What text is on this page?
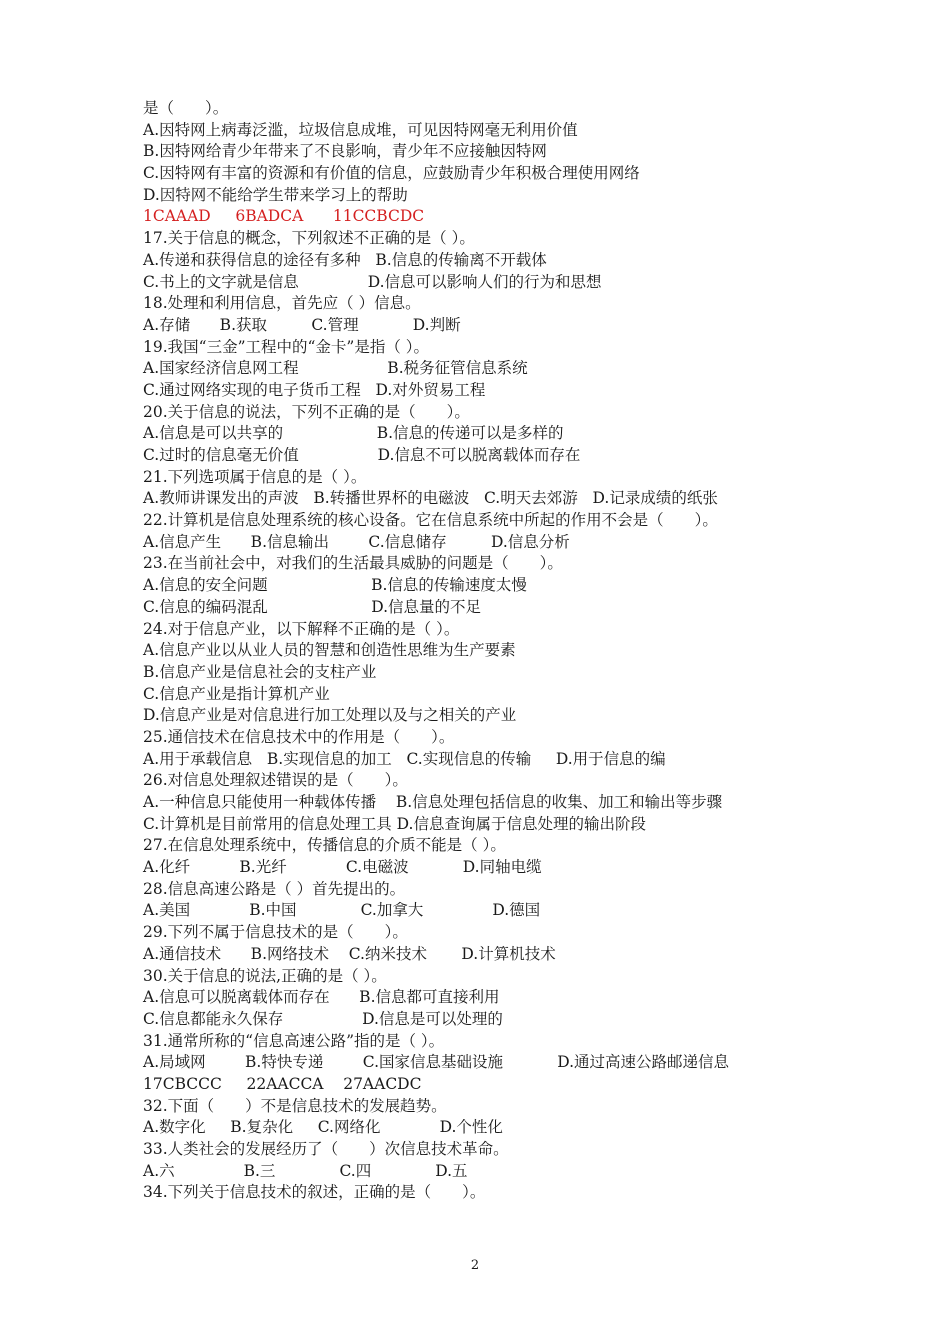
是（　　）。
A.因特网上病毒泛滥，垃圾信息成堆，可见因特网毫无利用价值
B.因特网给青少年带来了不良影响，青少年不应接触因特网
C.因特网有丰富的资源和有价值的信息，应鼓励青少年积极合理使用网络
D.因特网不能给学生带来学习上的帮助
1CAAAD     6BADCA      11CCBCDC
17.关于信息的概念，下列叙述不正确的是（ ）。
A.传递和获得信息的途径有多种   B.信息的传输离不开载体
C.书上的文字就是信息              D.信息可以影响人们的行为和思想
18.处理和利用信息，首先应（ ）信息。
A.存储      B.获取         C.管理           D.判断
19.我国“三金”工程中的“金卡”是指（ ）。
A.国家经济信息网工程                  B.税务征管信息系统
C.通过网络实现的电子货币工程   D.对外贸易工程
20.关于信息的说法，下列不正确的是（　　）。
A.信息是可以共享的                   B.信息的传递可以是多样的
C.过时的信息毫无价值                D.信息不可以脱离载体而存在
21.下列选项属于信息的是（ ）。
A.教师讲课发出的声波   B.转播世界杯的电磁波   C.明天去郊游   D.记录成绩的纸张
22.计算机是信息处理系统的核心设备。它在信息系统中所起的作用不会是（　　）。
A.信息产生      B.信息输出        C.信息储存         D.信息分析
23.在当前社会中，对我们的生活最具威胁的问题是（　　）。
A.信息的安全问题                     B.信息的传输速度太慢
C.信息的编码混乱                     D.信息量的不足
24.对于信息产业，以下解释不正确的是（ ）。
A.信息产业以从业人员的智慧和创造性思维为生产要素
B.信息产业是信息社会的支柱产业
C.信息产业是指计算机产业
D.信息产业是对信息进行加工处理以及与之相关的产业
25.通信技术在信息技术中的作用是（　　）。
A.用于承载信息   B.实现信息的加工   C.实现信息的传输     D.用于信息的编
26.对信息处理叙述错误的是（　　）。
A.一种信息只能使用一种载体传播    B.信息处理包括信息的收集、加工和输出等步骤
C.计算机是目前常用的信息处理工具 D.信息查询属于信息处理的输出阶段
27.在信息处理系统中，传播信息的介质不能是（ ）。
A.化纤          B.光纤            C.电磁波           D.同轴电缆
28.信息高速公路是（ ）首先提出的。
A.美国            B.中国             C.加拿大              D.德国
29.下列不属于信息技术的是（　　）。
A.通信技术      B.网络技术    C.纳米技术       D.计算机技术
30.关于信息的说法,正确的是（ ）。
A.信息可以脱离载体而存在      B.信息都可直接利用
C.信息都能永久保存                D.信息是可以处理的
31.通常所称的“信息高速公路”指的是（ ）。
A.局域网        B.特快专递        C.国家信息基础设施           D.通过高速公路邮递信息
17CBCCC     22AACCA    27AACDC
32.下面（　　）不是信息技术的发展趋势。
A.数字化     B.复杂化     C.网络化            D.个性化
33.人类社会的发展经历了（　　）次信息技术革命。
A.六              B.三             C.四             D.五
34.下列关于信息技术的叙述，正确的是（　　）。
2
